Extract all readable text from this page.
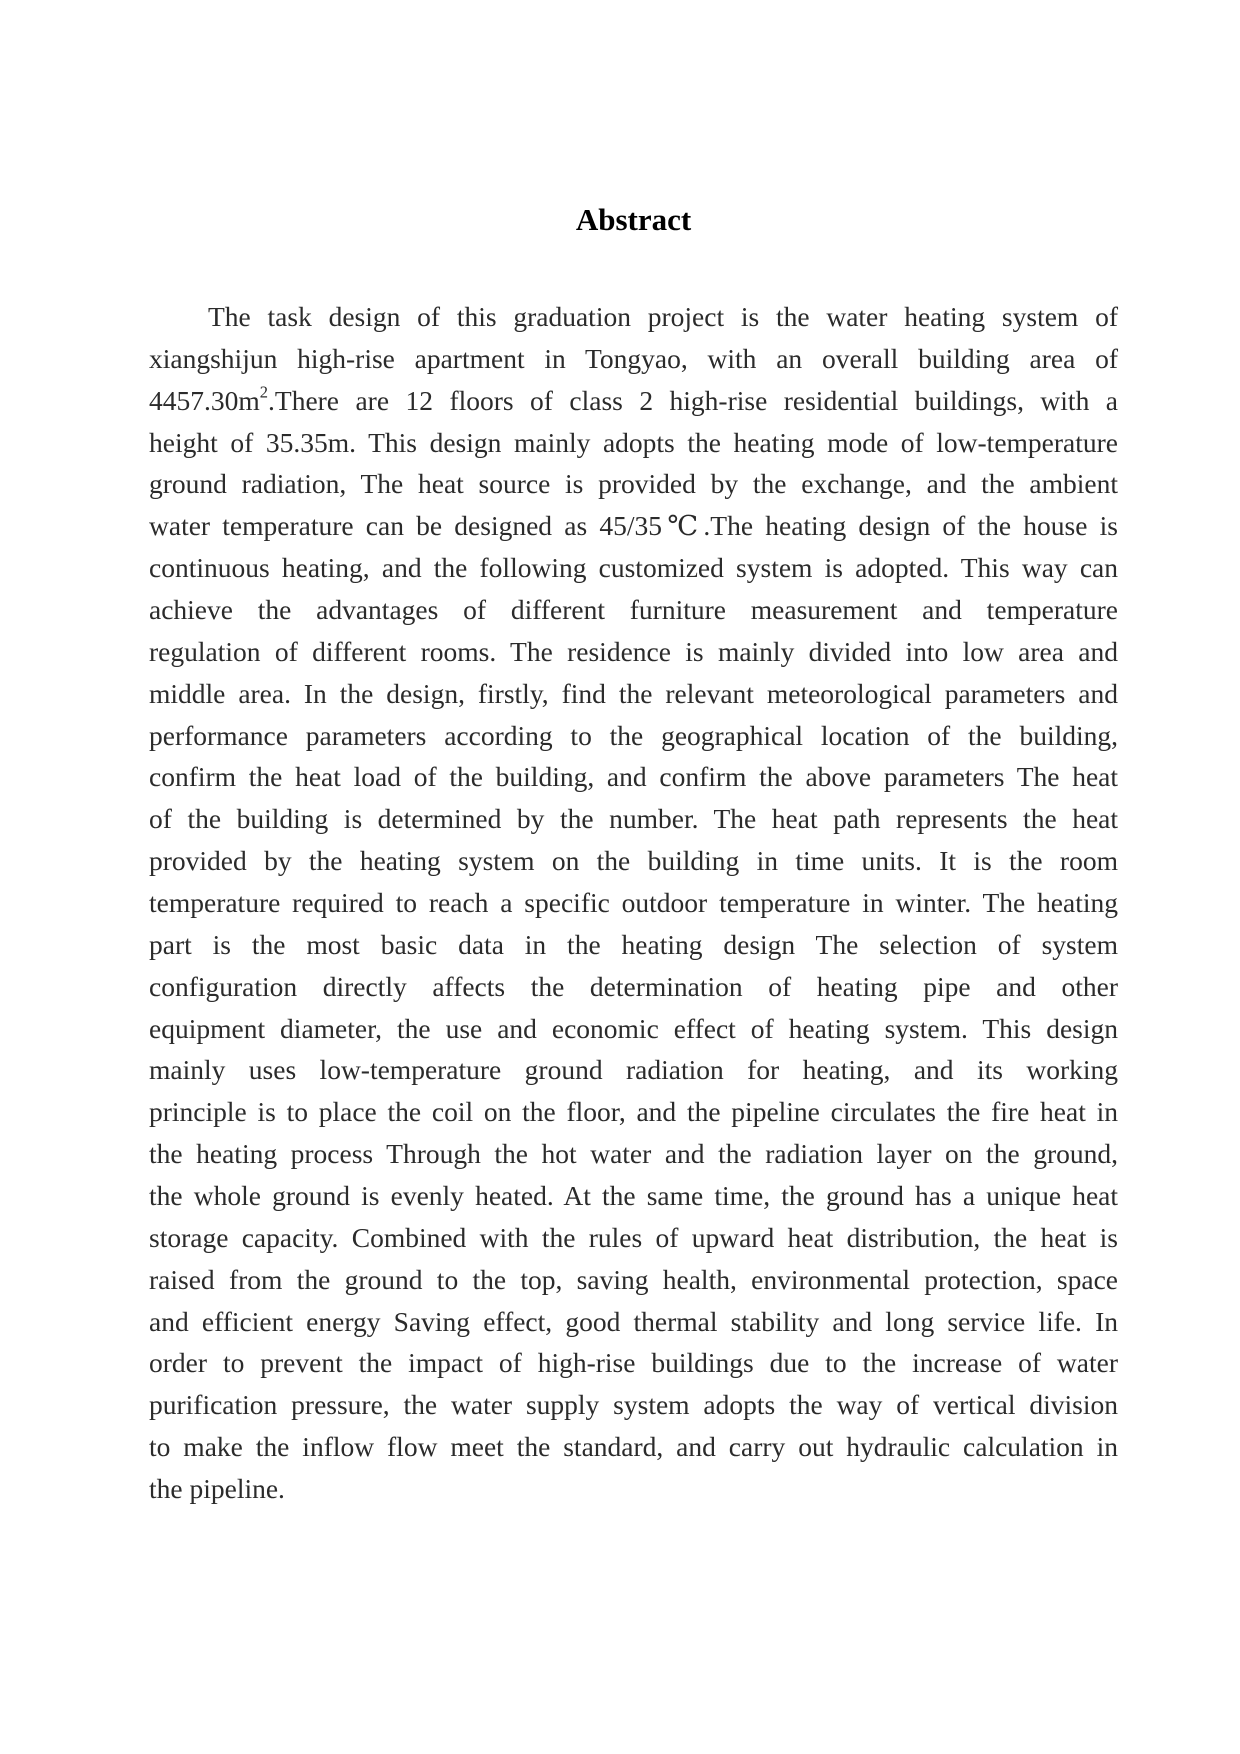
Abstract
The task design of this graduation project is the water heating system of
xiangshijun high-rise apartment in Tongyao, with an overall building area of
$4457.30m^2.There$ are 12 floors of class 2 high-rise residential buildings, with a
height of 35.35m. This design mainly adopts the heating mode of low-temperature
ground radiation, The heat source is provided by the exchange, and the ambient
water temperature can be designed as 45/35℃.The heating design of the house is
continuous heating, and the following customized system is adopted. This way can
achieve the advantages of different furniture measurement and temperature
regulation of different rooms. The residence is mainly divided into low area and
middle area. In the design, firstly, find the relevant meteorological parameters and
performance parameters according to the geographical location of the building,
confirm the heat load of the building, and confirm the above parameters The heat
of the building is determined by the number. The heat path represents the heat
provided by the heating system on the building in time units. It is the room
temperature required to reach a specific outdoor temperature in winter. The heating
part is the most basic data in the heating design The selection of system
configuration directly affects the determination of heating pipe and other
equipment diameter, the use and economic effect of heating system. This design
mainly uses low-temperature ground radiation for heating, and its working
principle is to place the coil on the floor, and the pipeline circulates the fire heat in
the heating process Through the hot water and the radiation layer on the ground,
the whole ground is evenly heated. At the same time, the ground has a unique heat
storage capacity. Combined with the rules of upward heat distribution, the heat is
raised from the ground to the top, saving health, environmental protection, space
and efficient energy Saving effect, good thermal stability and long service life. In
order to prevent the impact of high-rise buildings due to the increase of water
purification pressure, the water supply system adopts the way of vertical division
to make the inflow flow meet the standard, and carry out hydraulic calculation in
the pipeline.
